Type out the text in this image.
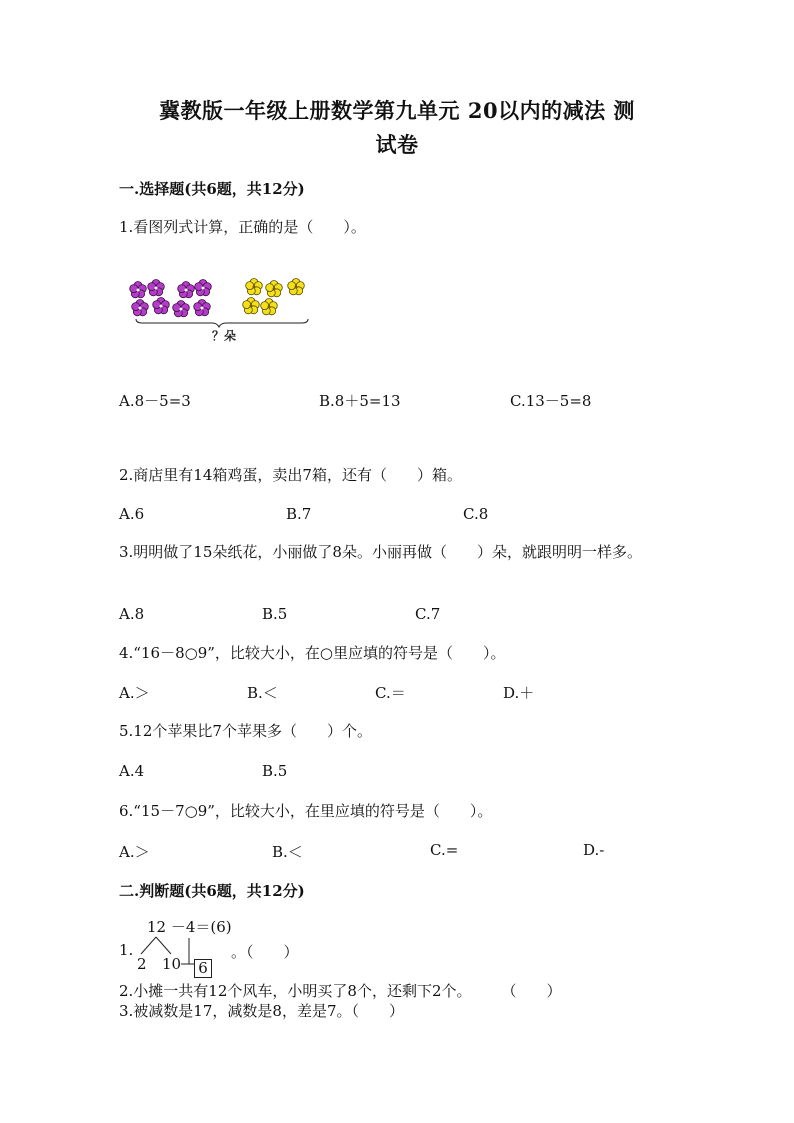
冀教版一年级上册数学第九单元 20以内的减法 测
试卷
一.选择题(共6题，共12分)
1.看图列式计算，正确的是（　　）。
？朵
A.8－5=3	B.8＋5=13	C.13－5=8
2.商店里有14箱鸡蛋，卖出7箱，还有（　　）箱。
A.6	B.7	C.8
3.明明做了15朵纸花，小丽做了8朵。小丽再做（　　）朵，就跟明明一样多。
A.8	B.5	C.7
4.“16－8○9”，比较大小，在○里应填的符号是（　　）。
A.＞	B.＜	C.＝	D.＋
5.12个苹果比7个苹果多（　　）个。
A.4	B.5
6.“15－7○9”，比较大小，在里应填的符号是（　　）。
A.＞	B.＜	C.=	D.-
二.判断题(共6题，共12分)
12 －4＝(6)
1.
2 10 6
。（　　）
2.小摊一共有12个风车，小明买了8个，还剩下2个。　　　（　　）
3.被减数是17，减数是8，差是7。（　　）
